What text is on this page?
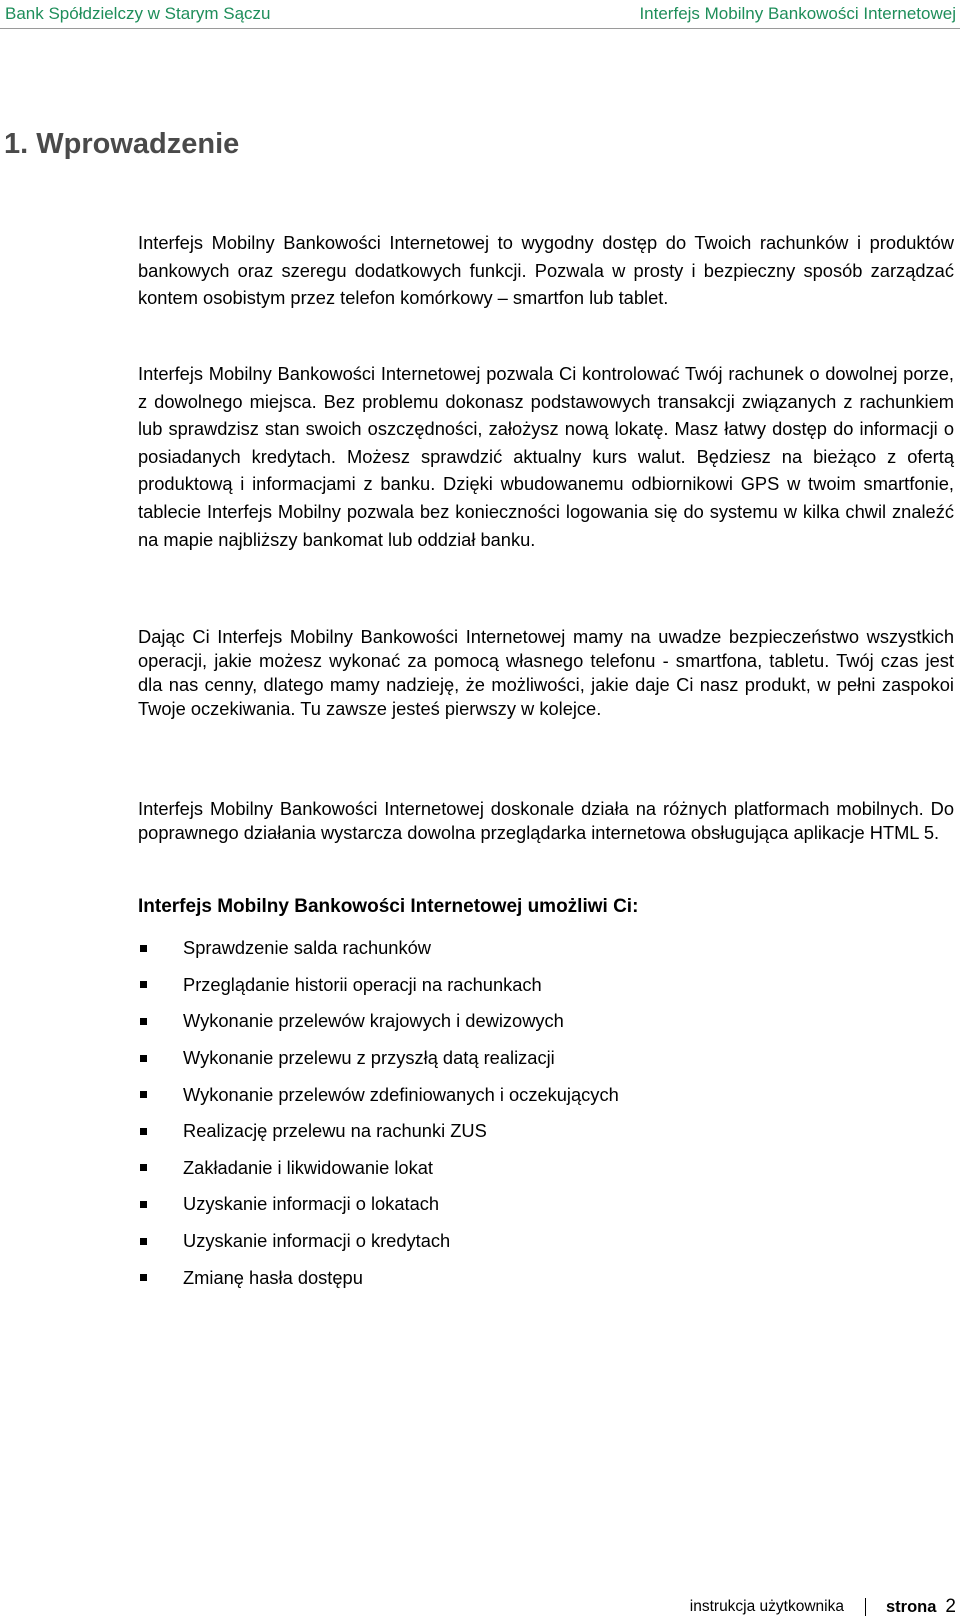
Bank Spółdzielczy w Starym Sączu	Interfejs Mobilny Bankowości Internetowej
1. Wprowadzenie

Interfejs Mobilny Bankowości Internetowej to wygodny dostęp do Twoich rachunków i produktów bankowych oraz szeregu dodatkowych funkcji. Pozwala w prosty i bezpieczny sposób zarządzać kontem osobistym przez telefon komórkowy – smartfon lub tablet.

Interfejs Mobilny Bankowości Internetowej pozwala Ci kontrolować Twój rachunek o dowolnej porze, z dowolnego miejsca. Bez problemu dokonasz podstawowych transakcji związanych z rachunkiem lub sprawdzisz stan swoich oszczędności, założysz nową lokatę. Masz łatwy dostęp do informacji o posiadanych kredytach. Możesz sprawdzić aktualny kurs walut. Będziesz na bieżąco z ofertą produktową i informacjami z banku. Dzięki wbudowanemu odbiornikowi GPS w twoim smartfonie, tablecie Interfejs Mobilny pozwala bez konieczności logowania się do systemu w kilka chwil znaleźć na mapie najbliższy bankomat lub oddział banku.

Dając Ci Interfejs Mobilny Bankowości Internetowej mamy na uwadze bezpieczeństwo wszystkich operacji, jakie możesz wykonać za pomocą własnego telefonu - smartfona, tabletu. Twój czas jest dla nas cenny, dlatego mamy nadzieję, że możliwości, jakie daje Ci nasz produkt, w pełni zaspokoi Twoje oczekiwania. Tu zawsze jesteś pierwszy w kolejce.

Interfejs Mobilny Bankowości Internetowej doskonale działa na różnych platformach mobilnych. Do poprawnego działania wystarcza dowolna przeglądarka internetowa obsługująca aplikacje HTML 5.

Interfejs Mobilny Bankowości Internetowej umożliwi Ci:
Sprawdzenie salda rachunków
Przeglądanie historii operacji na rachunkach
Wykonanie przelewów krajowych i dewizowych
Wykonanie przelewu z przyszłą datą realizacji
Wykonanie przelewów zdefiniowanych i oczekujących
Realizację przelewu na rachunki ZUS
Zakładanie i likwidowanie lokat
Uzyskanie informacji o lokatach
Uzyskanie informacji o kredytach
Zmianę hasła dostępu
instrukcja użytkownika	strona 2
